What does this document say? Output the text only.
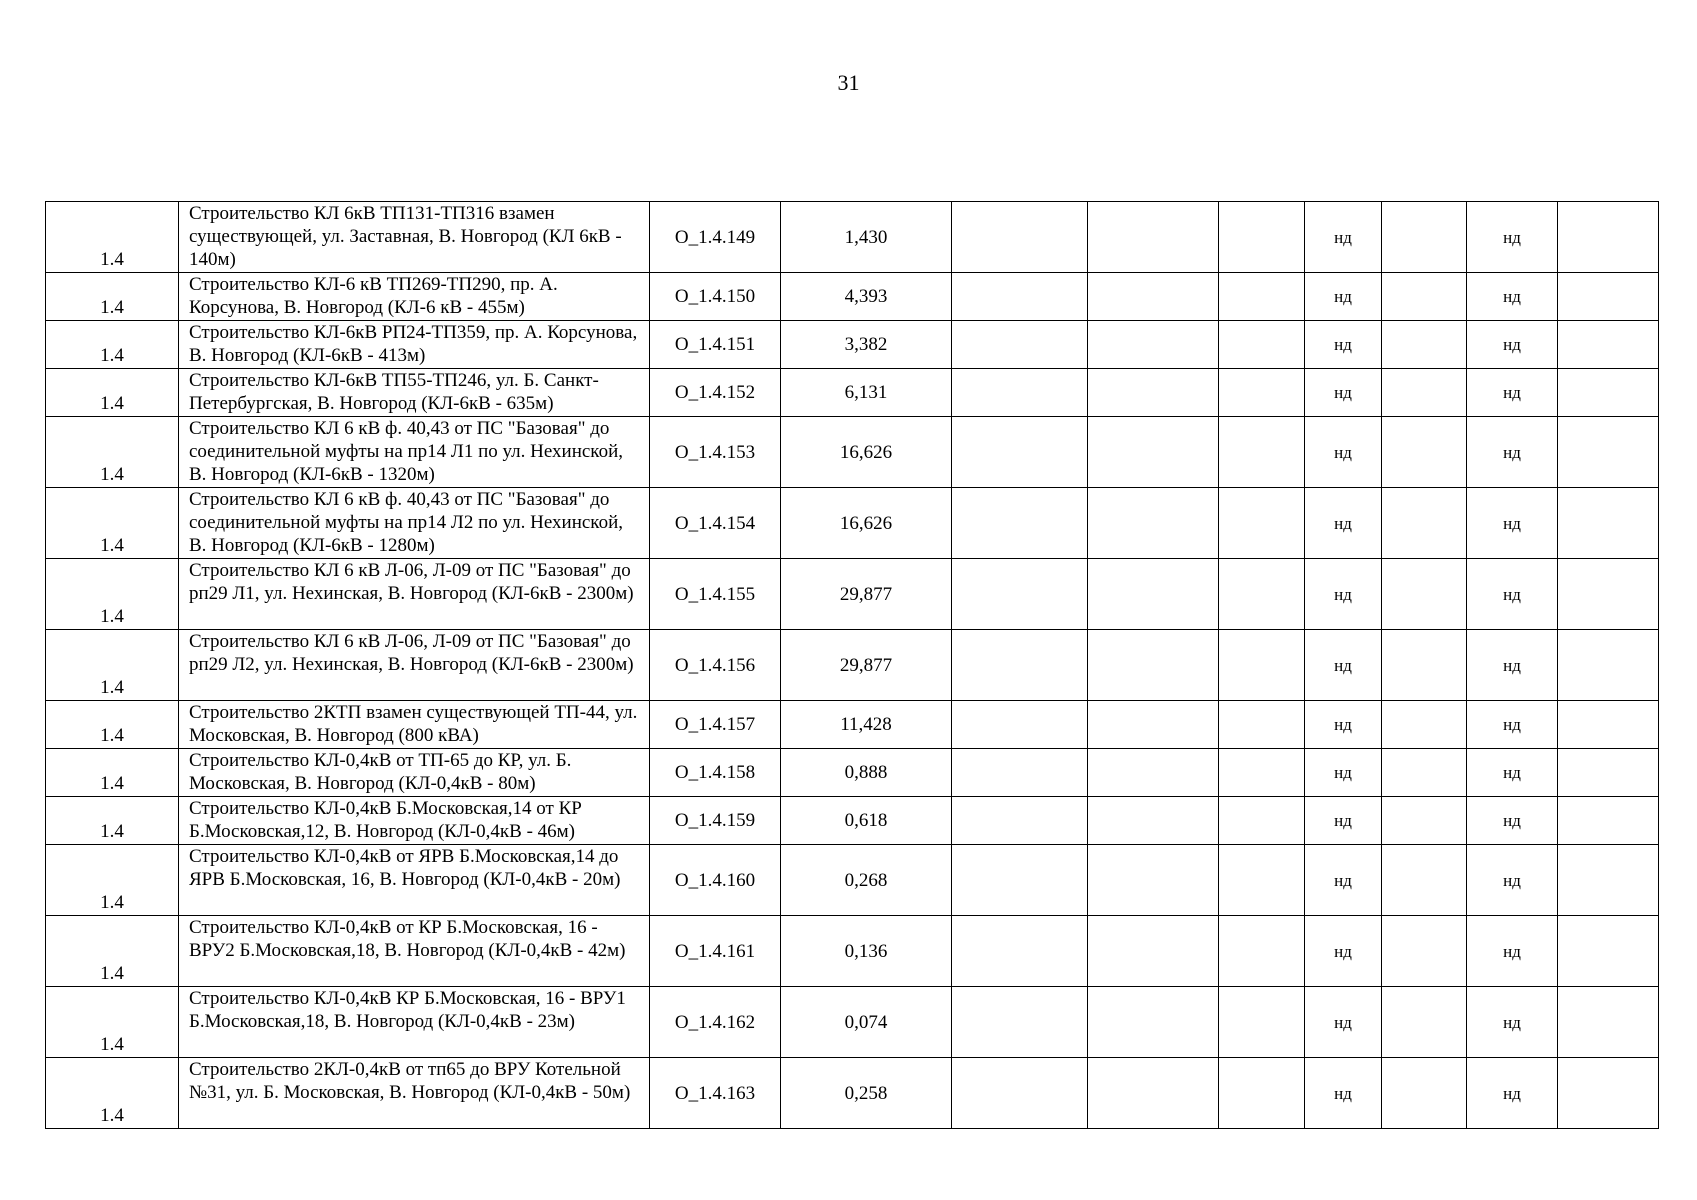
31
1.4	Строительство КЛ 6кВ ТП131-ТП316 взамен существующей, ул. Заставная, В. Новгород (КЛ 6кВ - 140м)	О_1.4.149	1,430				нд		нд	
1.4	Строительство КЛ-6 кВ ТП269-ТП290, пр. А. Корсунова, В. Новгород (КЛ-6 кВ - 455м)	О_1.4.150	4,393				нд		нд	
1.4	Строительство КЛ-6кВ РП24-ТП359, пр. А. Корсунова, В. Новгород (КЛ-6кВ - 413м)	О_1.4.151	3,382				нд		нд	
1.4	Строительство КЛ-6кВ ТП55-ТП246, ул. Б. Санкт-Петербургская, В. Новгород (КЛ-6кВ - 635м)	О_1.4.152	6,131				нд		нд	
1.4	Строительство КЛ 6 кВ ф. 40,43 от ПС "Базовая" до соединительной муфты на пр14 Л1 по ул. Нехинской, В. Новгород (КЛ-6кВ - 1320м)	О_1.4.153	16,626				нд		нд	
1.4	Строительство КЛ 6 кВ ф. 40,43 от ПС "Базовая" до соединительной муфты на пр14 Л2 по ул. Нехинской, В. Новгород (КЛ-6кВ - 1280м)	О_1.4.154	16,626				нд		нд	
1.4	Строительство КЛ 6 кВ Л-06, Л-09 от ПС "Базовая" до рп29 Л1, ул. Нехинская, В. Новгород (КЛ-6кВ - 2300м)	О_1.4.155	29,877				нд		нд	
1.4	Строительство КЛ 6 кВ Л-06, Л-09 от ПС "Базовая" до рп29 Л2, ул. Нехинская, В. Новгород (КЛ-6кВ - 2300м)	О_1.4.156	29,877				нд		нд	
1.4	Строительство 2КТП взамен существующей ТП-44, ул. Московская, В. Новгород (800 кВА)	О_1.4.157	11,428				нд		нд	
1.4	Строительство КЛ-0,4кВ от ТП-65 до КР, ул. Б. Московская, В. Новгород (КЛ-0,4кВ - 80м)	О_1.4.158	0,888				нд		нд	
1.4	Строительство КЛ-0,4кВ Б.Московская,14 от КР Б.Московская,12, В. Новгород (КЛ-0,4кВ - 46м)	О_1.4.159	0,618				нд		нд	
1.4	Строительство КЛ-0,4кВ от ЯРВ Б.Московская,14 до ЯРВ Б.Московская, 16, В. Новгород (КЛ-0,4кВ - 20м)	О_1.4.160	0,268				нд		нд	
1.4	Строительство КЛ-0,4кВ от КР Б.Московская, 16 - ВРУ2 Б.Московская,18, В. Новгород (КЛ-0,4кВ - 42м)	О_1.4.161	0,136				нд		нд	
1.4	Строительство КЛ-0,4кВ КР Б.Московская, 16 - ВРУ1 Б.Московская,18, В. Новгород (КЛ-0,4кВ - 23м)	О_1.4.162	0,074				нд		нд	
1.4	Строительство 2КЛ-0,4кВ от тп65 до ВРУ Котельной №31, ул. Б. Московская, В. Новгород (КЛ-0,4кВ - 50м)	О_1.4.163	0,258				нд		нд	
